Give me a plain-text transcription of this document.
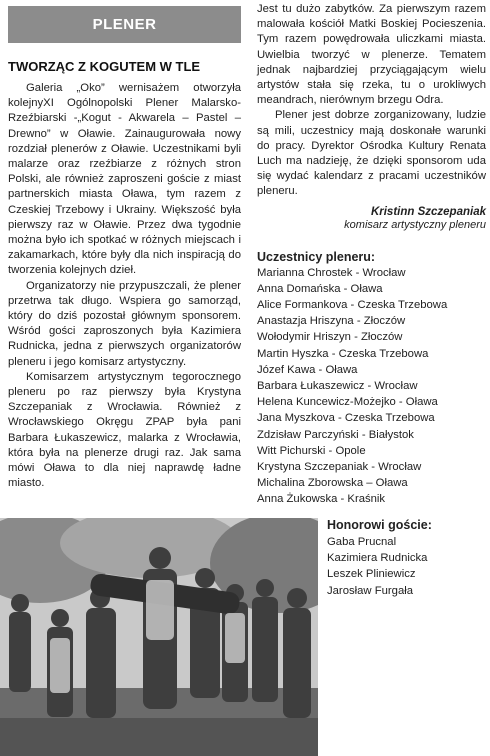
PLENER
TWORZĄC Z KOGUTEM W TLE

Galeria „Oko” wernisażem otworzyła kolejnyXI Ogólnopolski Plener Malarsko-Rzeźbiarski -„Kogut - Akwarela – Pastel – Drewno” w Oławie. Zainaugurowała nowy rozdział plenerów z Oławie. Uczestnikami byli malarze oraz rzeźbiarze z różnych stron Polski, ale również zaproszeni goście z miast partnerskich miasta Oława, tym razem z Czeskiej Trzebowy i Ukrainy. Większość była pierwszy raz w Oławie. Przez dwa tygodnie można było ich spotkać w różnych miejscach i zakamarkach, które były dla nich inspiracją do tworzenia kolejnych dzieł.

Organizatorzy nie przypuszczali, że plener przetrwa tak długo. Wspiera go samorząd, który do dziś pozostał głównym sponsorem. Wśród gości zaproszonych była Kazimiera Rudnicka, jedna z pierwszych organizatorów pleneru i jego komisarz artystyczny.

Komisarzem artystycznym tegorocznego pleneru po raz pierwszy była Krystyna Szczepaniak z Wrocławia. Również z Wrocławskiego Okręgu ZPAP była pani Barbara Łukaszewicz, malarka z Wrocławia, która była na plenerze drugi raz. Jak sama mówi Oława to dla niej naprawdę ładne miasto.

Jest tu dużo zabytków. Za pierwszym razem malowała kościół Matki Boskiej Pocieszenia. Tym razem powędrowała uliczkami miasta. Uwielbia tworzyć w plenerze. Tematem jednak najbardziej przyciągającym wielu artystów stała się rzeka, tu o urokliwych meandrach, nierównym brzegu Odra.

Plener jest dobrze zorganizowany, ludzie są mili, uczestnicy mają doskonałe warunki do pracy. Dyrektor Ośrodka Kultury Renata Luch ma nadzieję, że dzięki sponsorom uda się wydać kalendarz z pracami uczestników pleneru.

Kristinn Szczepaniak
komisarz artystyczny pleneru
Uczestnicy pleneru:
Marianna Chrostek - Wrocław
Anna Domańska - Oława
Alice Formankova - Czeska Trzebowa
Anastazja Hriszyna - Złoczów
Wołodymir Hriszyn - Złoczów
Martin Hyszka - Czeska Trzebowa
Józef Kawa - Oława
Barbara Łukaszewicz - Wrocław
Helena Kuncewicz-Możejko - Oława
Jana Myszkova - Czeska Trzebowa
Zdzisław Parczyński - Białystok
Witt Pichurski - Opole
Krystyna Szczepaniak - Wrocław
Michalina Zborowska – Oława
Anna Żukowska - Kraśnik
Honorowi goście:
Gaba Prucnal
Kazimiera Rudnicka
Leszek Pliniewicz
Jarosław Furgała
